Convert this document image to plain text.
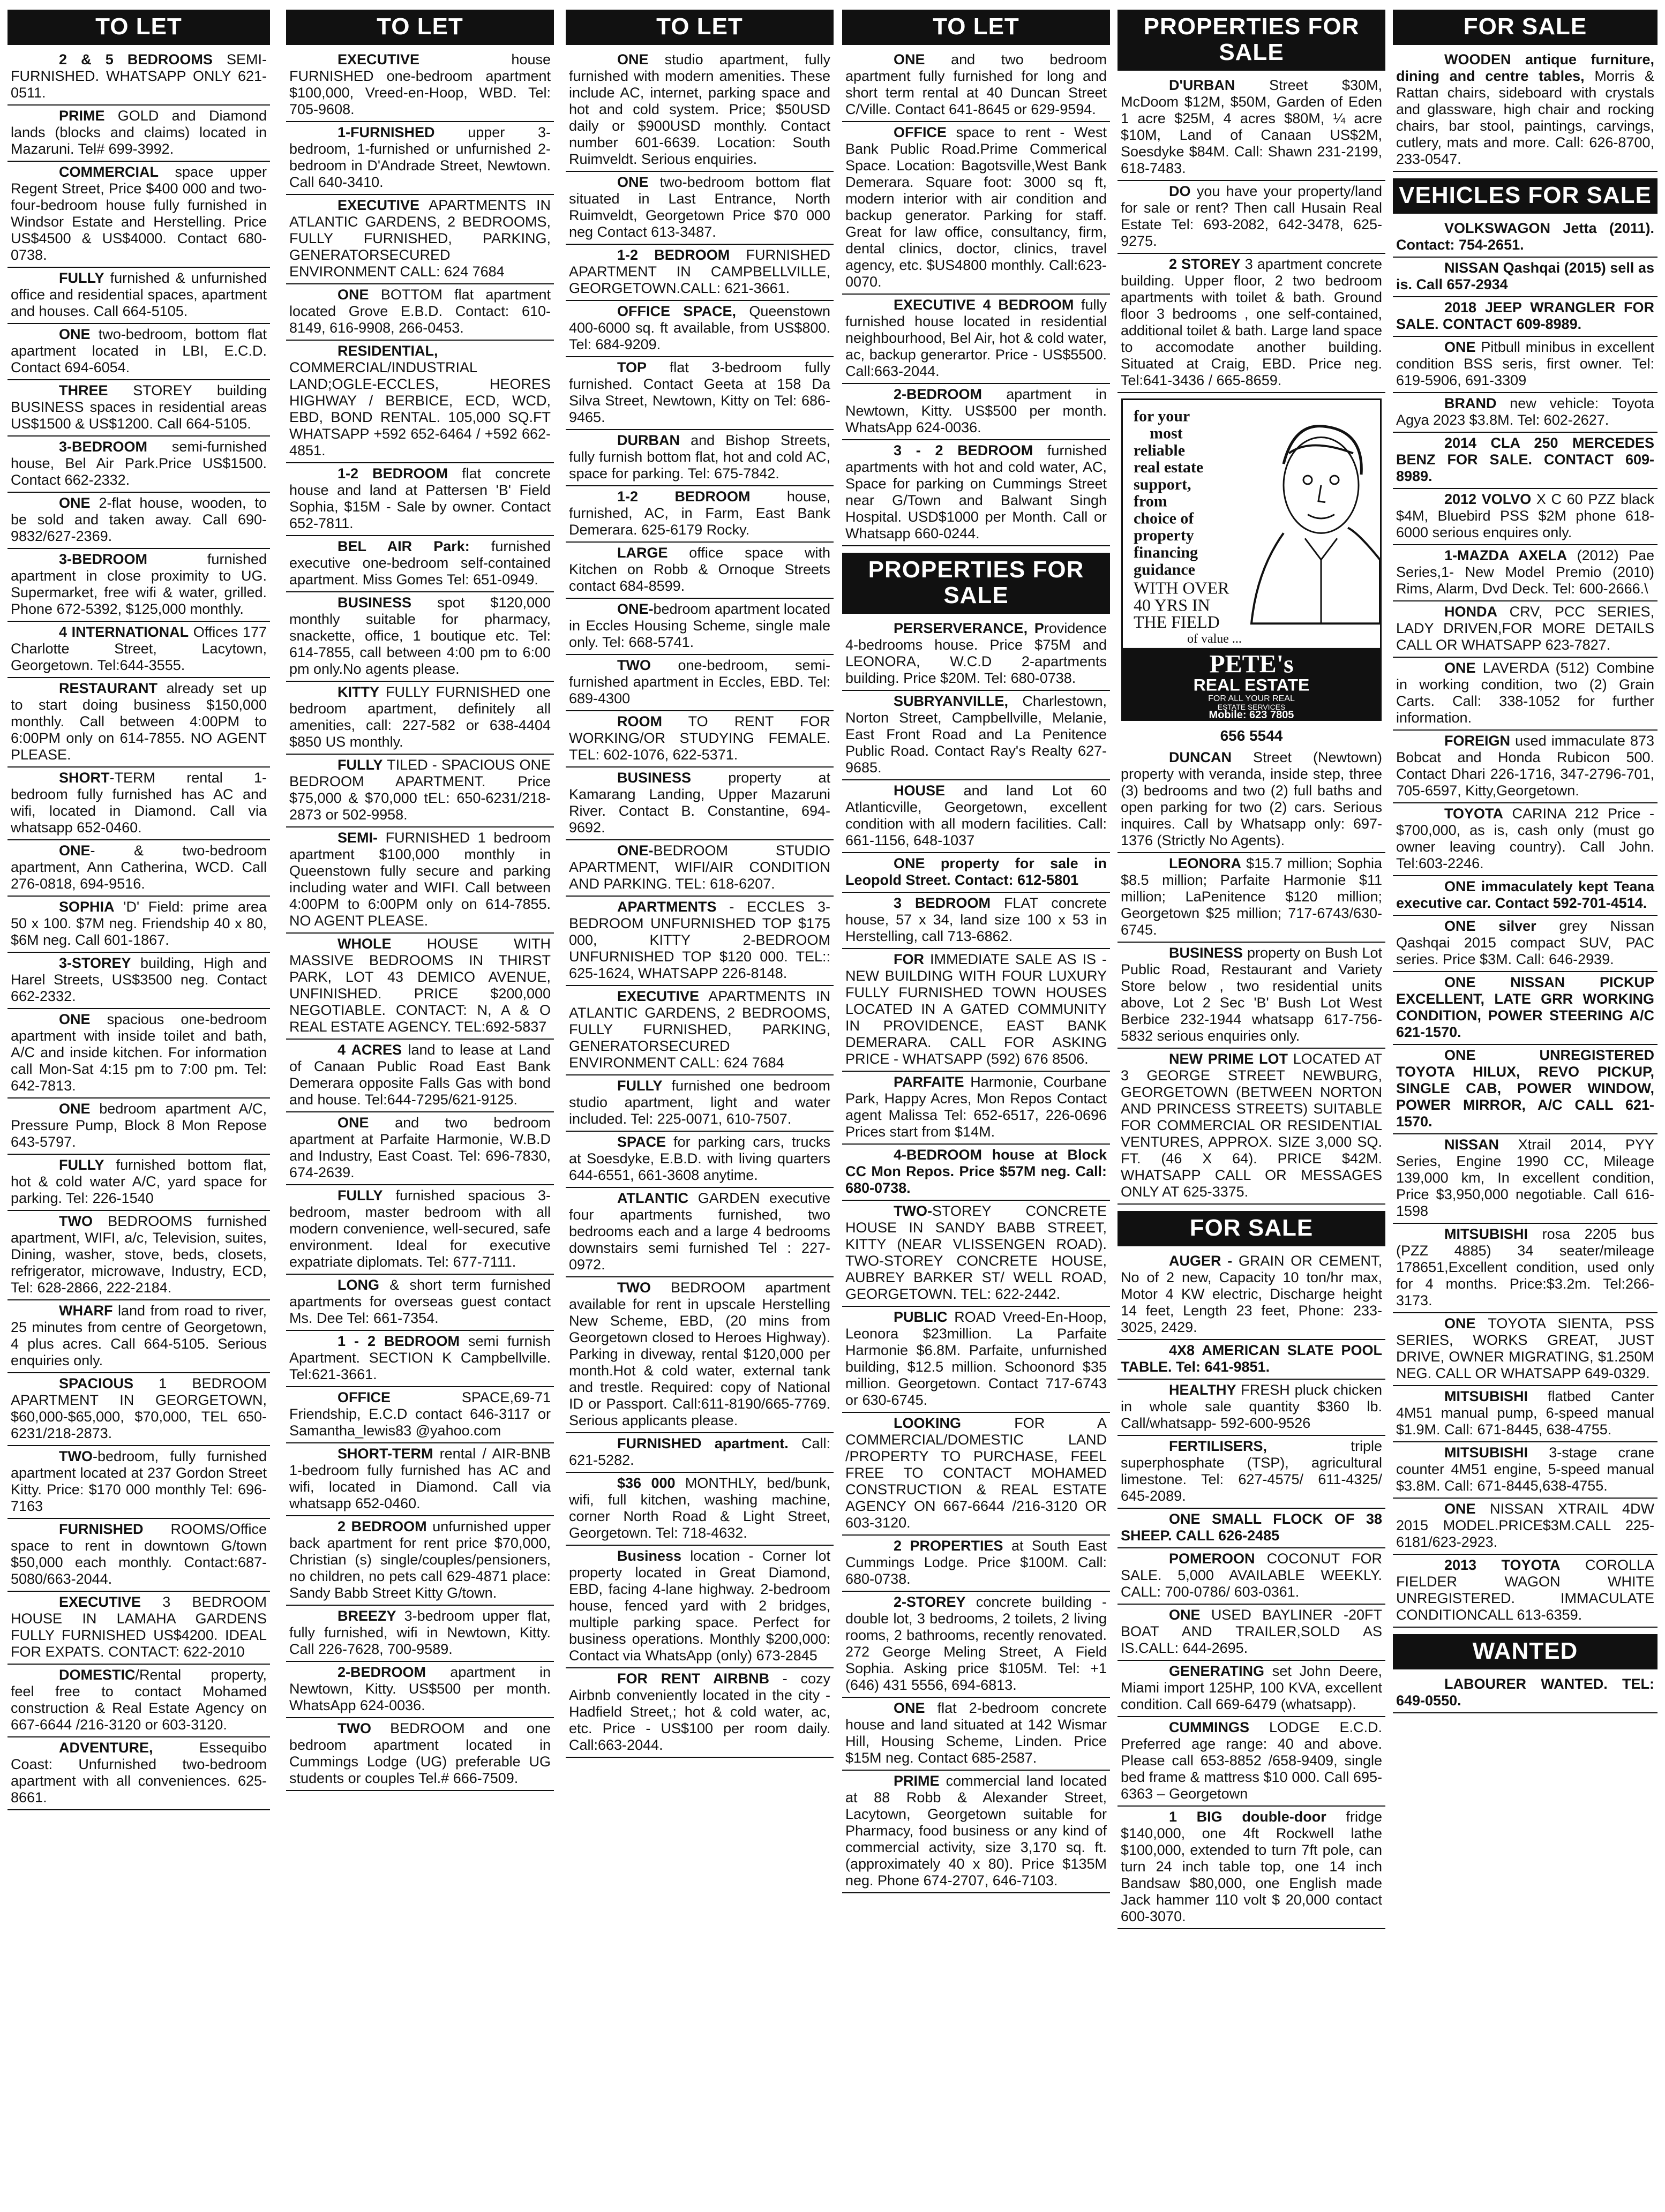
TO LET

2 & 5 BEDROOMS SEMI-FURNISHED. WHATSAPP ONLY 621-0511.

PRIME GOLD and Diamond lands (blocks and claims) located in Mazaruni. Tel# 699-3992.

COMMERCIAL space upper Regent Street, Price $400 000 and two-four-bedroom house fully furnished in Windsor Estate and Herstelling. Price US$4500 & US$4000. Contact 680-0738.

FULLY furnished & unfurnished office and residential spaces, apartment and houses. Call 664-5105.

ONE two-bedroom, bottom flat apartment located in LBI, E.C.D. Contact 694-6054.

THREE STOREY building BUSINESS spaces in residential areas US$1500 & US$1200. Call 664-5105.

3-BEDROOM semi-furnished house, Bel Air Park.Price US$1500. Contact 662-2332.

ONE 2-flat house, wooden, to be sold and taken away. Call 690-9832/627-2369.

3-BEDROOM furnished apartment in close proximity to UG. Supermarket, free wifi & water, grilled. Phone 672-5392, $125,000 monthly.

4 INTERNATIONAL Offices 177 Charlotte Street, Lacytown, Georgetown. Tel:644-3555.

RESTAURANT already set up to start doing business $150,000 monthly. Call between 4:00PM to 6:00PM only on 614-7855. NO AGENT PLEASE.

SHORT-TERM rental 1-bedroom fully furnished has AC and wifi, located in Diamond. Call via whatsapp 652-0460.

ONE- & two-bedroom apartment, Ann Catherina, WCD. Call 276-0818, 694-9516.

SOPHIA 'D' Field: prime area 50 x 100. $7M neg. Friendship 40 x 80, $6M neg. Call 601-1867.

3-STOREY building, High and Harel Streets, US$3500 neg. Contact 662-2332.

ONE spacious one-bedroom apartment with inside toilet and bath, A/C and inside kitchen. For information call Mon-Sat 4:15 pm to 7:00 pm. Tel: 642-7813.

ONE bedroom apartment A/C, Pressure Pump, Block 8 Mon Repose 643-5797.

FULLY furnished bottom flat, hot & cold water A/C, yard space for parking. Tel: 226-1540

TWO BEDROOMS furnished apartment, WIFI, a/c, Television, suites, Dining, washer, stove, beds, closets, refrigerator, microwave, Industry, ECD, Tel: 628-2866, 222-2184.

WHARF land from road to river, 25 minutes from centre of Georgetown, 4 plus acres. Call 664-5105. Serious enquiries only.

SPACIOUS 1 BEDROOM APARTMENT IN GEORGETOWN, $60,000-$65,000, $70,000, TEL 650-6231/218-2873.

TWO-bedroom, fully furnished apartment located at 237 Gordon Street Kitty. Price: $170 000 monthly Tel: 696-7163

FURNISHED ROOMS/Office space to rent in downtown G/town $50,000 each monthly. Contact:687-5080/663-2044.

EXECUTIVE 3 BEDROOM HOUSE IN LAMAHA GARDENS FULLY FURNISHED US$4200. IDEAL FOR EXPATS. CONTACT: 622-2010

DOMESTIC/Rental property, feel free to contact Mohamed construction & Real Estate Agency on 667-6644 /216-3120 or 603-3120.

ADVENTURE, Essequibo Coast: Unfurnished two-bedroom apartment with all conveniences. 625-8661.

TO LET

EXECUTIVE house FURNISHED one-bedroom apartment $100,000, Vreed-en-Hoop, WBD. Tel: 705-9608.

1-FURNISHED upper 3-bedroom, 1-furnished or unfurnished 2-bedroom in D'Andrade Street, Newtown. Call 640-3410.

EXECUTIVE APARTMENTS IN ATLANTIC GARDENS, 2 BEDROOMS, FULLY FURNISHED, PARKING, GENERATORSECURED ENVIRONMENT CALL: 624 7684

ONE BOTTOM flat apartment located Grove E.B.D. Contact: 610-8149, 616-9908, 266-0453.

RESIDENTIAL, COMMERCIAL/INDUSTRIAL LAND;OGLE-ECCLES, HEORES HIGHWAY / BERBICE, ECD, WCD, EBD, BOND RENTAL. 105,000 SQ.FT WHATSAPP +592 652-6464 / +592 662-4851.

1-2 BEDROOM flat concrete house and land at Pattersen 'B' Field Sophia, $15M - Sale by owner. Contact 652-7811.

BEL AIR Park: furnished executive one-bedroom self-contained apartment. Miss Gomes Tel: 651-0949.

BUSINESS spot $120,000 monthly suitable for pharmacy, snackette, office, 1 boutique etc. Tel: 614-7855, call between 4:00 pm to 6:00 pm only.No agents please.

KITTY FULLY FURNISHED one bedroom apartment, definitely all amenities, call: 227-582 or 638-4404 $850 US monthly.

FULLY TILED - SPACIOUS ONE BEDROOM APARTMENT. Price $75,000 & $70,000 tEL: 650-6231/218-2873 or 502-9958.

SEMI- FURNISHED 1 bedroom apartment $100,000 monthly in Queenstown fully secure and parking including water and WIFI. Call between 4:00PM to 6:00PM only on 614-7855. NO AGENT PLEASE.

WHOLE HOUSE WITH MASSIVE BEDROOMS IN THIRST PARK, LOT 43 DEMICO AVENUE, UNFINISHED. PRICE $200,000 NEGOTIABLE. CONTACT: N, A & O REAL ESTATE AGENCY. TEL:692-5837

4 ACRES land to lease at Land of Canaan Public Road East Bank Demerara opposite Falls Gas with bond and house. Tel:644-7295/621-9125.

ONE and two bedroom apartment at Parfaite Harmonie, W.B.D and Industry, East Coast. Tel: 696-7830, 674-2639.

FULLY furnished spacious 3-bedroom, master bedroom with all modern convenience, well-secured, safe environment. Ideal for executive expatriate diplomats. Tel: 677-7111.

LONG & short term furnished apartments for overseas guest contact Ms. Dee Tel: 661-7354.

1 - 2 BEDROOM semi furnish Apartment. SECTION K Campbellville. Tel:621-3661.

OFFICE SPACE,69-71 Friendship, E.C.D contact 646-3117 or Samantha_lewis83 @yahoo.com

SHORT-TERM rental / AIR-BNB 1-bedroom fully furnished has AC and wifi, located in Diamond. Call via whatsapp 652-0460.

2 BEDROOM unfurnished upper back apartment for rent price $70,000, Christian (s) single/couples/pensioners, no children, no pets call 629-4871 place: Sandy Babb Street Kitty G/town.

BREEZY 3-bedroom upper flat, fully furnished, wifi in Newtown, Kitty. Call 226-7628, 700-9589.

2-BEDROOM apartment in Newtown, Kitty. US$500 per month. WhatsApp 624-0036.

TWO BEDROOM and one bedroom apartment located in Cummings Lodge (UG) preferable UG students or couples Tel.# 666-7509.

TO LET

ONE studio apartment, fully furnished with modern amenities. These include AC, internet, parking space and hot and cold system. Price; $50USD daily or $900USD monthly. Contact number 601-6639. Location: South Ruimveldt. Serious enquiries.

ONE two-bedroom bottom flat situated in Last Entrance, North Ruimveldt, Georgetown Price $70 000 neg Contact 613-3487.

1-2 BEDROOM FURNISHED APARTMENT IN CAMPBELLVILLE, GEORGETOWN.CALL: 621-3661.

OFFICE SPACE, Queenstown 400-6000 sq. ft available, from US$800. Tel: 684-9209.

TOP flat 3-bedroom fully furnished. Contact Geeta at 158 Da Silva Street, Newtown, Kitty on Tel: 686-9465.

DURBAN and Bishop Streets, fully furnish bottom flat, hot and cold AC, space for parking. Tel: 675-7842.

1-2 BEDROOM house, furnished, AC, in Farm, East Bank Demerara. 625-6179 Rocky.

LARGE office space with Kitchen on Robb & Ornoque Streets contact 684-8599.

ONE-bedroom apartment located in Eccles Housing Scheme, single male only. Tel: 668-5741.

TWO one-bedroom, semi-furnished apartment in Eccles, EBD. Tel: 689-4300

ROOM TO RENT FOR WORKING/OR STUDYING FEMALE. TEL: 602-1076, 622-5371.

BUSINESS property at Kamarang Landing, Upper Mazaruni River. Contact B. Constantine, 694-9692.

ONE-BEDROOM STUDIO APARTMENT, WIFI/AIR CONDITION AND PARKING. TEL: 618-6207.

APARTMENTS - ECCLES 3-BEDROOM UNFURNISHED TOP $175 000, KITTY 2-BEDROOM UNFURNISHED TOP $120 000. TEL:: 625-1624, WHATSAPP 226-8148.

EXECUTIVE APARTMENTS IN ATLANTIC GARDENS, 2 BEDROOMS, FULLY FURNISHED, PARKING, GENERATORSECURED ENVIRONMENT CALL: 624 7684

FULLY furnished one bedroom studio apartment, light and water included. Tel: 225-0071, 610-7507.

SPACE for parking cars, trucks at Soesdyke, E.B.D. with living quarters 644-6551, 661-3608 anytime.

ATLANTIC GARDEN executive four apartments furnished, two bedrooms each and a large 4 bedrooms downstairs semi furnished Tel : 227-0972.

TWO BEDROOM apartment available for rent in upscale Herstelling New Scheme, EBD, (20 mins from Georgetown closed to Heroes Highway). Parking in diveway, rental $120,000 per month.Hot & cold water, external tank and trestle. Required: copy of National ID or Passport. Call:611-8190/665-7769. Serious applicants please.

FURNISHED apartment. Call: 621-5282.

$36 000 MONTHLY, bed/bunk, wifi, full kitchen, washing machine, corner North Road & Light Street, Georgetown. Tel: 718-4632.

Business location - Corner lot property located in Great Diamond, EBD, facing 4-lane highway. 2-bedroom house, fenced yard with 2 bridges, multiple parking space. Perfect for business operations. Monthly $200,000: Contact via WhatsApp (only) 673-2845

FOR RENT AIRBNB - cozy Airbnb conveniently located in the city - Hadfield Street,; hot & cold water, ac, etc. Price - US$100 per room daily. Call:663-2044.

TO LET

ONE and two bedroom apartment fully furnished for long and short term rental at 40 Duncan Street C/Ville. Contact 641-8645 or 629-9594.

OFFICE space to rent - West Bank Public Road.Prime Commerical Space. Location: Bagotsville,West Bank Demerara. Square foot: 3000 sq ft, modern interior with air condition and backup generator. Parking for staff. Great for law office, consultancy, firm, dental clinics, doctor, clinics, travel agency, etc. $US4800 monthly. Call:623-0070.

EXECUTIVE 4 BEDROOM fully furnished house located in residential neighbourhood, Bel Air, hot & cold water, ac, backup generartor. Price - US$5500. Call:663-2044.

2-BEDROOM apartment in Newtown, Kitty. US$500 per month. WhatsApp 624-0036.

3 - 2 BEDROOM furnished apartments with hot and cold water, AC, Space for parking on Cummings Street near G/Town and Balwant Singh Hospital. USD$1000 per Month. Call or Whatsapp 660-0244.

PROPERTIES FOR SALE

PERSERVERANCE, Providence 4-bedrooms house. Price $75M and LEONORA, W.C.D 2-apartments building. Price $20M. Tel: 680-0738.

SUBRYANVILLE, Charlestown, Norton Street, Campbellville, Melanie, East Front Road and La Penitence Public Road. Contact Ray's Realty 627-9685.

HOUSE and land Lot 60 Atlanticville, Georgetown, excellent condition with all modern facilities. Call: 661-1156, 648-1037

ONE property for sale in Leopold Street. Contact: 612-5801

3 BEDROOM FLAT concrete house, 57 x 34, land size 100 x 53 in Herstelling, call 713-6862.

FOR IMMEDIATE SALE AS IS - NEW BUILDING WITH FOUR LUXURY FULLY FURNISHED TOWN HOUSES LOCATED IN A GATED COMMUNITY IN PROVIDENCE, EAST BANK DEMERARA. CALL FOR ASKING PRICE - WHATSAPP (592) 676 8506.

PARFAITE Harmonie, Courbane Park, Happy Acres, Mon Repos Contact agent Malissa Tel: 652-6517, 226-0696 Prices start from $14M.

4-BEDROOM house at Block CC Mon Repos. Price $57M neg. Call: 680-0738.

TWO-STOREY CONCRETE HOUSE IN SANDY BABB STREET, KITTY (NEAR VLISSENGEN ROAD). TWO-STOREY CONCRETE HOUSE, AUBREY BARKER ST/ WELL ROAD, GEORGETOWN. TEL: 622-2442.

PUBLIC ROAD Vreed-En-Hoop, Leonora $23million. La Parfaite Harmonie $6.8M. Parfaite, unfurnished building, $12.5 million. Schoonord $35 million. Georgetown. Contact 717-6743 or 630-6745.

LOOKING FOR A COMMERCIAL/DOMESTIC LAND /PROPERTY TO PURCHASE, FEEL FREE TO CONTACT MOHAMED CONSTRUCTION & REAL ESTATE AGENCY ON 667-6644 /216-3120 OR 603-3120.

2 PROPERTIES at South East Cummings Lodge. Price $100M. Call: 680-0738.

2-STOREY concrete building - double lot, 3 bedrooms, 2 toilets, 2 living rooms, 2 bathrooms, recently renovated. 272 George Meling Street, A Field Sophia. Asking price $105M. Tel: +1 (646) 431 5556, 694-6813.

ONE flat 2-bedroom concrete house and land situated at 142 Wismar Hill, Housing Scheme, Linden. Price $15M neg. Contact 685-2587.

PRIME commercial land located at 88 Robb & Alexander Street, Lacytown, Georgetown suitable for Pharmacy, food business or any kind of commercial activity, size 3,170 sq. ft. (approximately 40 x 80). Price $135M neg. Phone 674-2707, 646-7103.

PROPERTIES FOR SALE

D'URBAN Street $30M, McDoom $12M, $50M, Garden of Eden 1 acre $25M, 4 acres $80M, ¼ acre $10M, Land of Canaan US$2M, Soesdyke $84M. Call: Shawn 231-2199, 618-7483.

DO you have your property/land for sale or rent? Then call Husain Real Estate Tel: 693-2082, 642-3478, 625-9275.

2 STOREY 3 apartment concrete building. Upper floor, 2 two bedroom apartments with toilet & bath. Ground floor 3 bedrooms , one self-contained, additional toilet & bath. Large land space to accomodate another building. Situated at Craig, EBD. Price neg. Tel:641-3436 / 665-8659.

for your
most
reliable
real estate
support,
from
choice of
property
financing
guidance
WITH OVER
40 YRS IN
THE FIELD
of value ...
PETE's
REAL ESTATE
FOR ALL YOUR REAL
ESTATE SERVICES
Mobile: 623 7805
656 5544

DUNCAN Street (Newtown) property with veranda, inside step, three (3) bedrooms and two (2) full baths and open parking for two (2) cars. Serious inquires. Call by Whatsapp only: 697-1376 (Strictly No Agents).

LEONORA $15.7 million; Sophia $8.5 million; Parfaite Harmonie $11 million; LaPenitence $120 million; Georgetown $25 million; 717-6743/630-6745.

BUSINESS property on Bush Lot Public Road, Restaurant and Variety Store below , two residential units above, Lot 2 Sec 'B' Bush Lot West Berbice 232-1944 whatsapp 617-756-5832 serious enquiries only.

NEW PRIME LOT LOCATED AT 3 GEORGE STREET NEWBURG, GEORGETOWN (BETWEEN NORTON AND PRINCESS STREETS) SUITABLE FOR COMMERCIAL OR RESIDENTIAL VENTURES, APPROX. SIZE 3,000 SQ. FT. (46 X 64). PRICE $42M. WHATSAPP CALL OR MESSAGES ONLY AT 625-3375.

FOR SALE

AUGER - GRAIN OR CEMENT, No of 2 new, Capacity 10 ton/hr max, Motor 4 KW electric, Discharge height 14 feet, Length 23 feet, Phone: 233-3025, 2429.

4X8 AMERICAN SLATE POOL TABLE. Tel: 641-9851.

HEALTHY FRESH pluck chicken in whole sale quantity $360 lb. Call/whatsapp- 592-600-9526

FERTILISERS, triple superphosphate (TSP), agricultural limestone. Tel: 627-4575/ 611-4325/ 645-2089.

ONE SMALL FLOCK OF 38 SHEEP. CALL 626-2485

POMEROON COCONUT FOR SALE. 5,000 AVAILABLE WEEKLY. CALL: 700-0786/ 603-0361.

ONE USED BAYLINER -20FT BOAT AND TRAILER,SOLD AS IS.CALL: 644-2695.

GENERATING set John Deere, Miami import 125HP, 100 KVA, excellent condition. Call 669-6479 (whatsapp).

CUMMINGS LODGE E.C.D. Preferred age range: 40 and above. Please call 653-8852 /658-9409, single bed frame & mattress $10 000. Call 695-6363 – Georgetown

1 BIG double-door fridge $140,000, one 4ft Rockwell lathe $100,000, extended to turn 7ft pole, can turn 24 inch table top, one 14 inch Bandsaw $80,000, one English made Jack hammer 110 volt $ 20,000 contact 600-3070.

FOR SALE

WOODEN antique furniture, dining and centre tables, Morris & Rattan chairs, sideboard with crystals and glassware, high chair and rocking chairs, bar stool, paintings, carvings, cutlery, mats and more. Call: 626-8700, 233-0547.

VEHICLES FOR SALE

VOLKSWAGON Jetta (2011). Contact: 754-2651.

NISSAN Qashqai (2015) sell as is. Call 657-2934

2018 JEEP WRANGLER FOR SALE. CONTACT 609-8989.

ONE Pitbull minibus in excellent condition BSS seris, first owner. Tel: 619-5906, 691-3309

BRAND new vehicle: Toyota Agya 2023 $3.8M. Tel: 602-2627.

2014 CLA 250 MERCEDES BENZ FOR SALE. CONTACT 609-8989.

2012 VOLVO X C 60 PZZ black $4M, Bluebird PSS $2M phone 618-6000 serious enquires only.

1-MAZDA AXELA (2012) Pae Series,1- New Model Premio (2010) Rims, Alarm, Dvd Deck. Tel: 600-2666.\

HONDA CRV, PCC SERIES, LADY DRIVEN,FOR MORE DETAILS CALL OR WHATSAPP 623-7827.

ONE LAVERDA (512) Combine in working condition, two (2) Grain Carts. Call: 338-1052 for further information.

FOREIGN used immaculate 873 Bobcat and Honda Rubicon 500. Contact Dhari 226-1716, 347-2796-701, 705-6597, Kitty,Georgetown.

TOYOTA CARINA 212 Price - $700,000, as is, cash only (must go owner leaving country). Call John. Tel:603-2246.

ONE immaculately kept Teana executive car. Contact 592-701-4514.

ONE silver grey Nissan Qashqai 2015 compact SUV, PAC series. Price $3M. Call: 646-2939.

ONE NISSAN PICKUP EXCELLENT, LATE GRR WORKING CONDITION, POWER STEERING A/C 621-1570.

ONE UNREGISTERED TOYOTA HILUX, REVO PICKUP, SINGLE CAB, POWER WINDOW, POWER MIRROR, A/C CALL 621-1570.

NISSAN Xtrail 2014, PYY Series, Engine 1990 CC, Mileage 139,000 km, In excellent condition, Price $3,950,000 negotiable. Call 616-1598

MITSUBISHI rosa 2205 bus (PZZ 4885) 34 seater/mileage 178651,Excellent condition, used only for 4 months. Price:$3.2m. Tel:266-3173.

ONE TOYOTA SIENTA, PSS SERIES, WORKS GREAT, JUST DRIVE, OWNER MIGRATING, $1.250M NEG. CALL OR WHATSAPP 649-0329.

MITSUBISHI flatbed Canter 4M51 manual pump, 6-speed manual $1.9M. Call: 671-8445, 638-4755.

MITSUBISHI 3-stage crane counter 4M51 engine, 5-speed manual $3.8M. Call: 671-8445,638-4755.

ONE NISSAN XTRAIL 4DW 2015 MODEL.PRICE$3M.CALL 225-6181/623-2923.

2013 TOYOTA COROLLA FIELDER WAGON WHITE UNREGISTERED. IMMACULATE CONDITIONCALL 613-6359.

WANTED

LABOURER WANTED. TEL: 649-0550.
